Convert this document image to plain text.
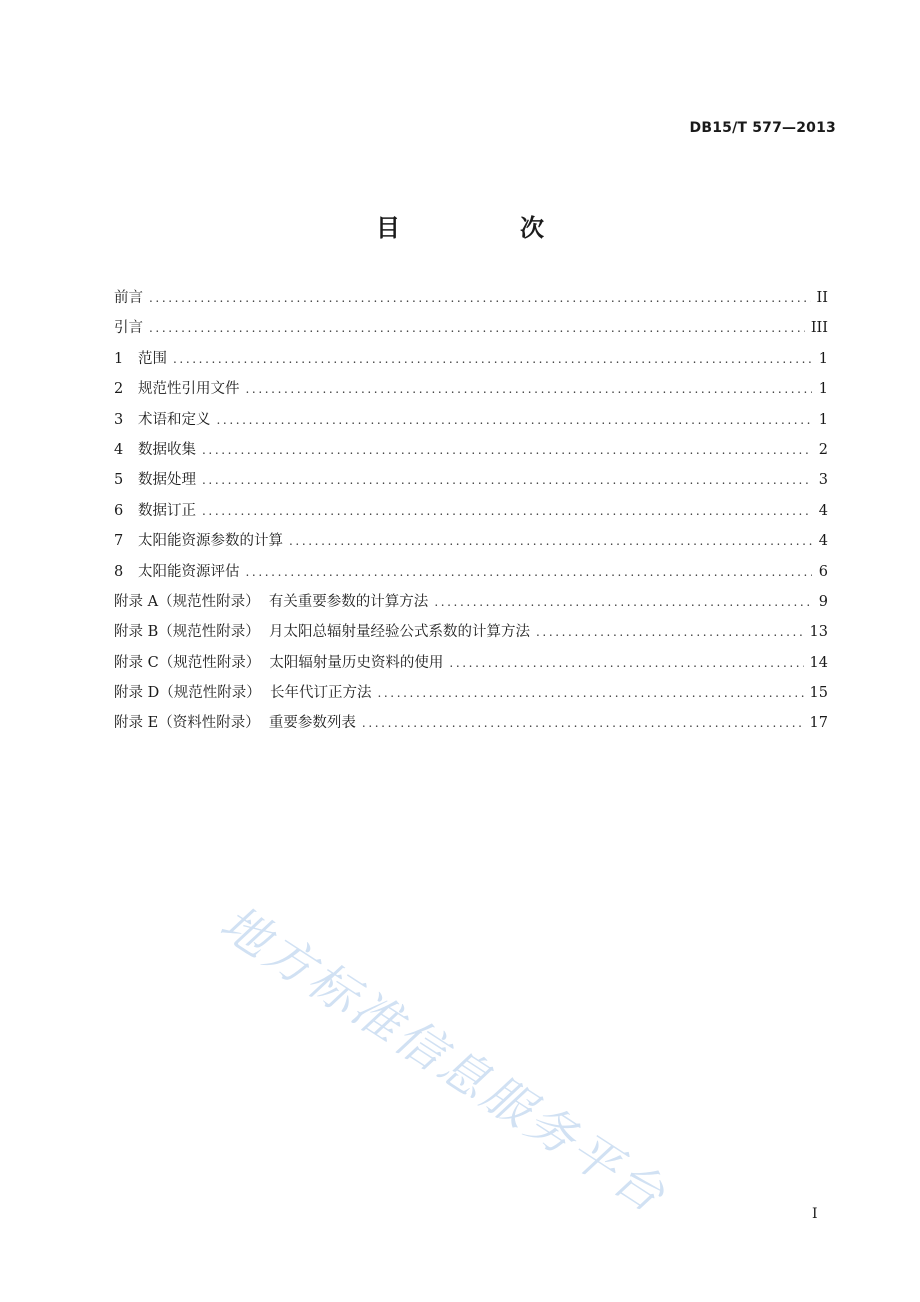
DB15/T 577—2013
目　次
前言 .....	II
引言 .....	III
1	范围 .....	1
2	规范性引用文件 .....	1
3	术语和定义 .....	1
4	数据收集 .....	2
5	数据处理 .....	3
6	数据订正 .....	4
7	太阳能资源参数的计算 .....	4
8	太阳能资源评估 .....	6
附录 A（规范性附录） 有关重要参数的计算方法 .....	9
附录 B（规范性附录） 月太阳总辐射量经验公式系数的计算方法 .....	13
附录 C（规范性附录） 太阳辐射量历史资料的使用 .....	14
附录 D（规范性附录） 长年代订正方法 .....	15
附录 E（资料性附录） 重要参数列表 .....	17
地方标准信息服务平台	I
